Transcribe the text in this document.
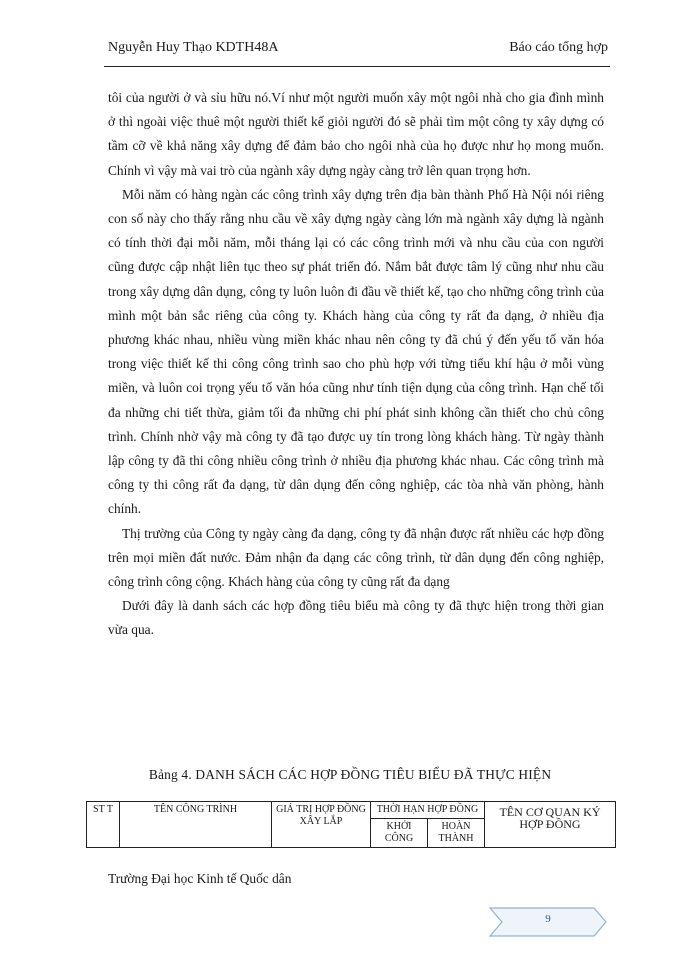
Nguyễn Huy Thạo KDTH48A	Báo cáo tổng hợp

tôi của người ở và sỉu hữu nó.Ví như một người muốn xây một ngôi nhà cho gia đình mình ở thì ngoài việc thuê một người thiết kế giỏi người đó sẽ phải tìm một công ty xây dựng có tầm cỡ về khả năng xây dựng để đảm bảo cho ngôi nhà của họ được như họ mong muốn. Chính vì vậy mà vai trò của ngành xây dựng ngày càng trở lên quan trọng hơn.

Mỗi năm có hàng ngàn các công trình xây dựng trên địa bàn thành Phố Hà Nội nói riêng con số này cho thấy rằng nhu cầu về xây dựng ngày càng lớn mà ngành xây dựng là ngành có tính thời đại mỗi năm, mỗi tháng lại có các công trình mới và nhu cầu của con người cũng được cập nhật liên tục theo sự phát triển đó. Nắm bắt được tâm lý cũng như nhu cầu trong xây dựng dân dụng, công ty luôn luôn đi đầu về thiết kế, tạo cho những công trình của mình một bản sắc riêng của công ty. Khách hàng của công ty rất đa dạng, ở nhiều địa phương khác nhau, nhiều vùng miền khác nhau nên công ty đã chú ý đến yếu tố văn hóa trong việc thiết kế thi công công trình sao cho phù hợp với từng tiểu khí hậu ở mỗi vùng miền, và luôn coi trọng yếu tố văn hóa cũng như tính tiện dụng của công trình. Hạn chế tối đa những chi tiết thừa, giảm tối đa những chi phí phát sinh không cần thiết cho chủ công trình. Chính nhờ vậy mà công ty đã tạo được uy tín trong lòng khách hàng. Từ ngày thành lập công ty đã thi công nhiều công trình ở nhiều địa phương khác nhau. Các công trình mà công ty thi công rất đa dạng, từ dân dụng đến công nghiệp, các tòa nhà văn phòng, hành chính.

Thị trường của Công ty ngày càng đa dạng, công ty đã nhận được rất nhiều các hợp đồng trên mọi miền đất nước. Đảm nhận đa dạng các công trình, từ dân dụng đến công nghiệp, công trình công cộng. Khách hàng của công ty cũng rất đa dạng

Dưới đây là danh sách các hợp đồng tiêu biểu mà công ty đã thực hiện trong thời gian vừa qua.

Bảng 4. DANH SÁCH CÁC HỢP ĐỒNG TIÊU BIỂU ĐÃ THỰC HIỆN
ST T	TÊN CÔNG TRÌNH	GIÁ TRỊ HỢP ĐỒNG XÂY LẮP	THỜI HẠN HỢP ĐỒNG		TÊN CƠ QUAN KÝ HỢP ĐỒNG
			KHỞI CÔNG	HOÀN THÀNH	
Trường Đại học Kinh tế Quốc dân
9
